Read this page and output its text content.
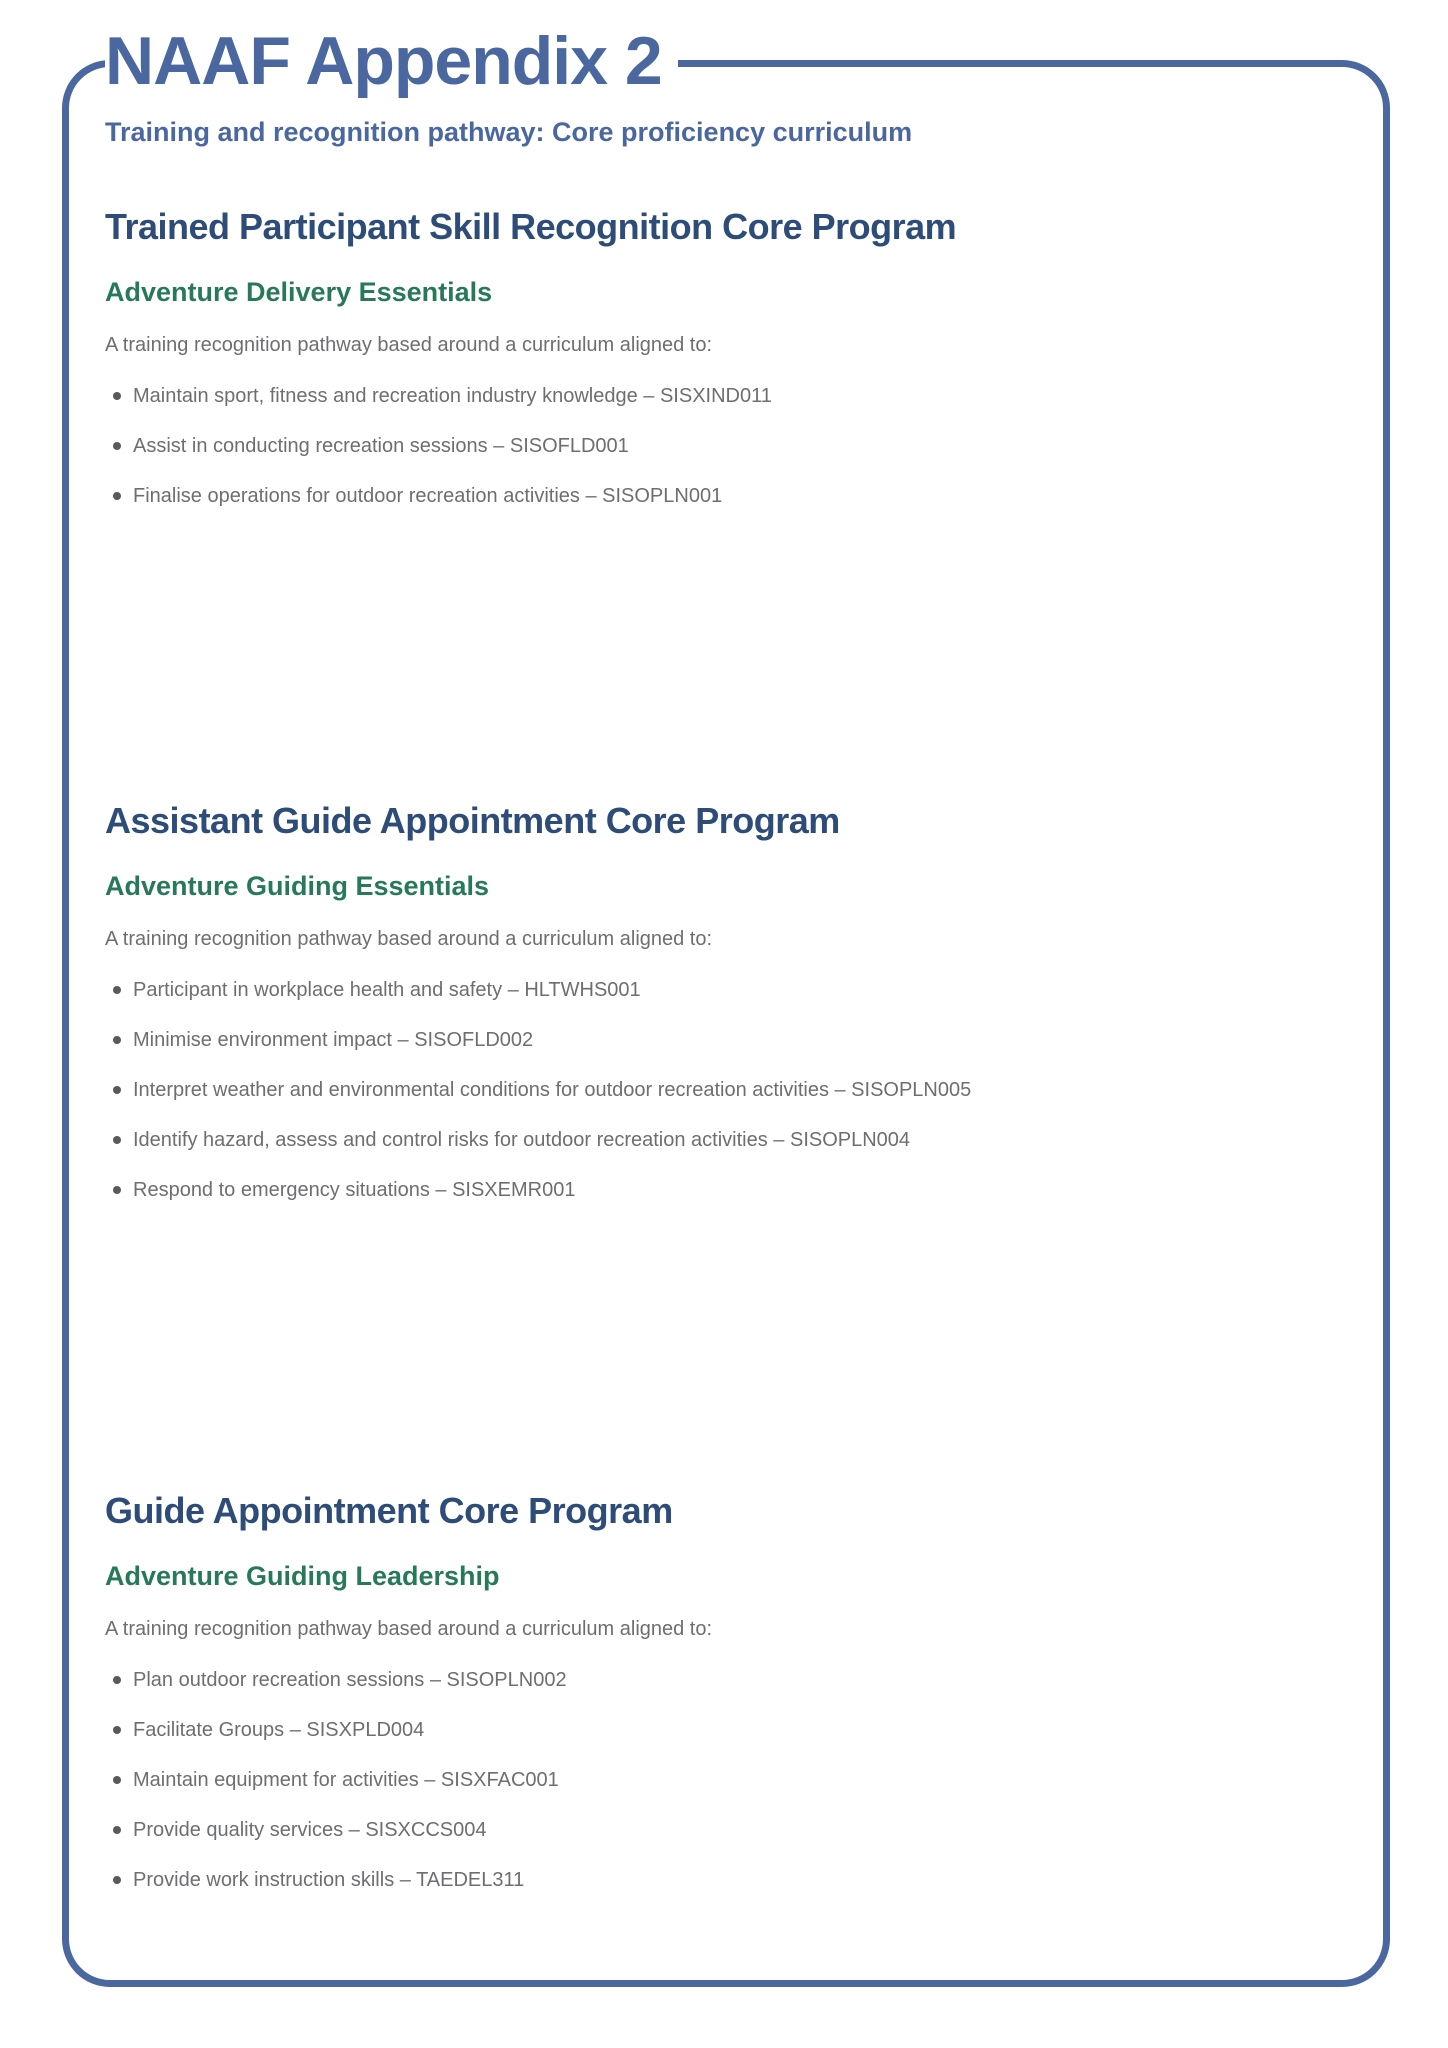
NAAF Appendix 2
Training and recognition pathway: Core proficiency curriculum
Trained Participant Skill Recognition Core Program
Adventure Delivery Essentials

A training recognition pathway based around a curriculum aligned to:

Maintain sport, fitness and recreation industry knowledge – SISXIND011
Assist in conducting recreation sessions – SISOFLD001
Finalise operations for outdoor recreation activities – SISOPLN001
Assistant Guide Appointment Core Program
Adventure Guiding Essentials

A training recognition pathway based around a curriculum aligned to:

Participant in workplace health and safety – HLTWHS001
Minimise environment impact – SISOFLD002
Interpret weather and environmental conditions for outdoor recreation activities – SISOPLN005
Identify hazard, assess and control risks for outdoor recreation activities – SISOPLN004
Respond to emergency situations – SISXEMR001
Guide Appointment Core Program
Adventure Guiding Leadership

A training recognition pathway based around a curriculum aligned to:

Plan outdoor recreation sessions – SISOPLN002
Facilitate Groups – SISXPLD004
Maintain equipment for activities – SISXFAC001
Provide quality services – SISXCCS004
Provide work instruction skills – TAEDEL311
